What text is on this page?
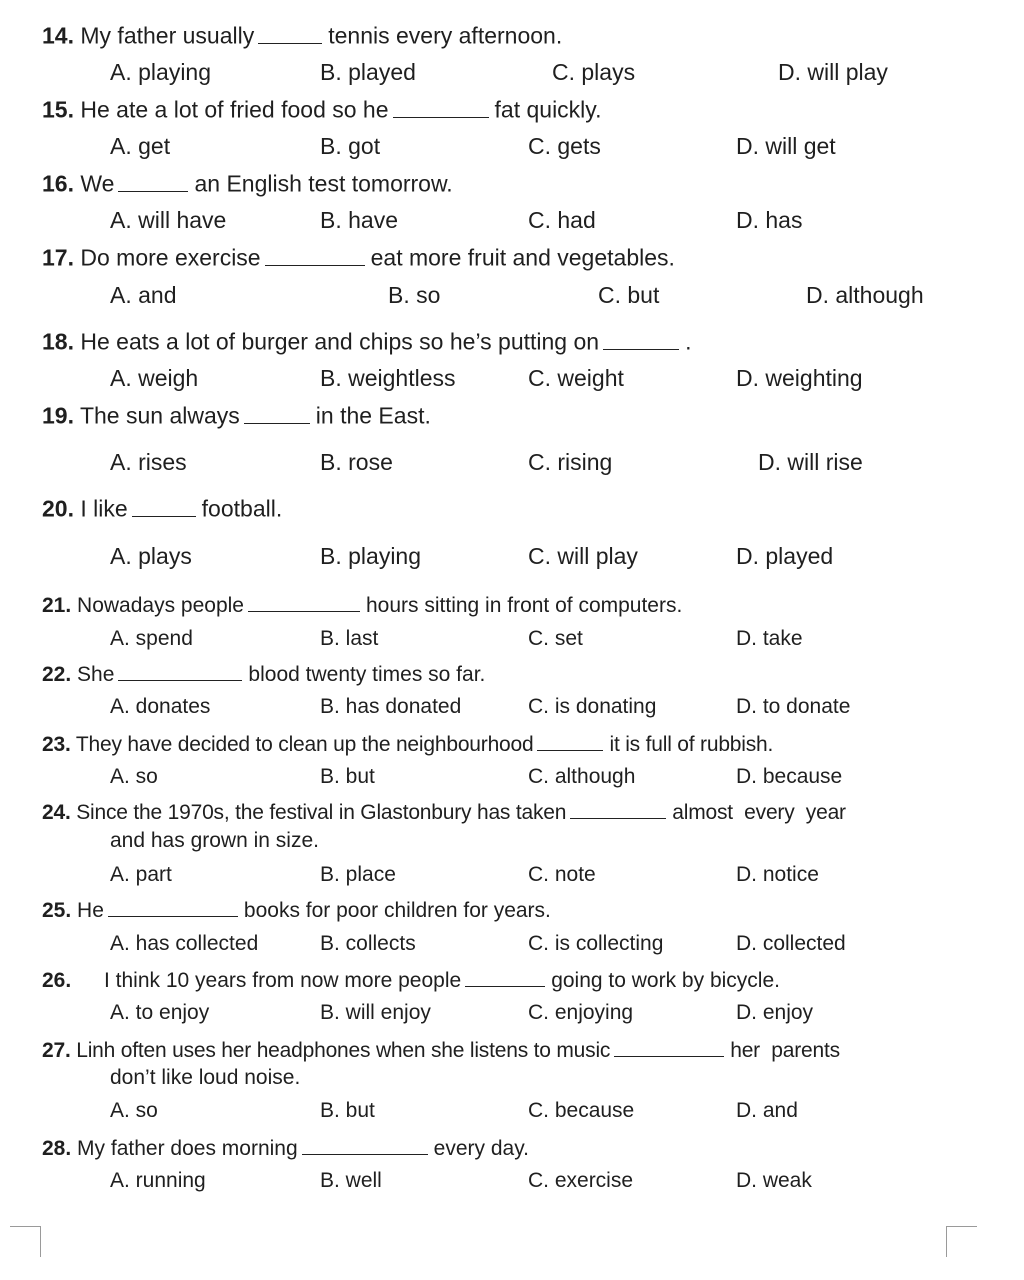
14. My father usually	tennis every afternoon.
A. playing	B. played	C. plays	D. will play
15. He ate a lot of fried food so he	fat quickly.
A. get	B. got	C. gets	D. will get
16. We	an English test tomorrow.
A. will have	B. have	C. had	D. has
17. Do more exercise	eat more fruit and vegetables.
A. and	B. so	C. but	D. although
18. He eats a lot of burger and chips so he’s putting on	.
A. weigh	B. weightless	C. weight	D. weighting
19. The sun always	in the East.
A. rises	B. rose	C. rising	D. will rise
20. I like	football.
A. plays	B. playing	C. will play	D. played
21. Nowadays people	hours sitting in front of computers.
A. spend	B. last	C. set	D. take
22. She	blood twenty times so far.
A. donates	B. has donated	C. is donating	D. to donate
23. They have decided to clean up the neighbourhood	it is full of rubbish.
A. so	B. but	C. although	D. because
24. Since the 1970s, the festival in Glastonbury has taken	almost  every  year
and has grown in size.
A. part	B. place	C. note	D. notice
25. He	books for poor children for years.
A. has collected	B. collects	C. is collecting	D. collected
26. I think 10 years from now more people	going to work by bicycle.
A. to enjoy	B. will enjoy	C. enjoying	D. enjoy
27. Linh often uses her headphones when she listens to music	her  parents
don’t like loud noise.
A. so	B. but	C. because	D. and
28. My father does morning	every day.
A. running	B. well	C. exercise	D. weak
